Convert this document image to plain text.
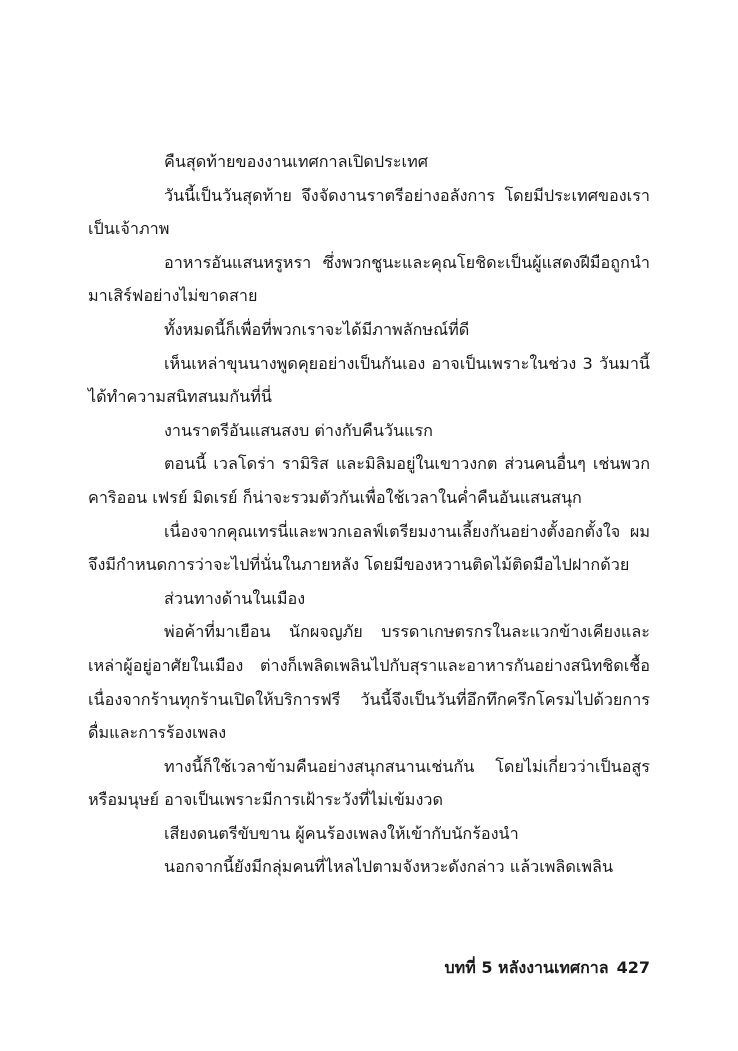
คืนสุดท้ายของงานเทศกาลเปิดประเทศ

วันนี้เป็นวันสุดท้าย จึงจัดงานราตรีอย่างอลังการ โดยมีประเทศของเราเป็นเจ้าภาพ

อาหารอันแสนหรูหรา ซึ่งพวกชูนะและคุณโยชิดะเป็นผู้แสดงฝีมือถูกนำมาเสิร์ฟอย่างไม่ขาดสาย

ทั้งหมดนี้ก็เพื่อที่พวกเราจะได้มีภาพลักษณ์ที่ดี

เห็นเหล่าขุนนางพูดคุยอย่างเป็นกันเอง อาจเป็นเพราะในช่วง 3 วันมานี้ได้ทำความสนิทสนมกันที่นี่

งานราตรีอันแสนสงบ ต่างกับคืนวันแรก

ตอนนี้ เวลโดร่า รามิริส และมิลิมอยู่ในเขาวงกต ส่วนคนอื่นๆ เช่นพวกคาริออน เฟรย์ มิดเรย์ ก็น่าจะรวมตัวกันเพื่อใช้เวลาในค่ำคืนอันแสนสนุก

เนื่องจากคุณเทรนี่และพวกเอลฟ์เตรียมงานเลี้ยงกันอย่างตั้งอกตั้งใจ ผมจึงมีกำหนดการว่าจะไปที่นั่นในภายหลัง โดยมีของหวานติดไม้ติดมือไปฝากด้วย

ส่วนทางด้านในเมือง

พ่อค้าที่มาเยือน นักผจญภัย บรรดาเกษตรกรในละแวกข้างเคียงและเหล่าผู้อยู่อาศัยในเมือง ต่างก็เพลิดเพลินไปกับสุราและอาหารกันอย่างสนิทชิดเชื้อ เนื่องจากร้านทุกร้านเปิดให้บริการฟรี วันนี้จึงเป็นวันที่อึกทึกครึกโครมไปด้วยการดื่มและการร้องเพลง

ทางนี้ก็ใช้เวลาข้ามคืนอย่างสนุกสนานเช่นกัน โดยไม่เกี่ยวว่าเป็นอสูรหรือมนุษย์ อาจเป็นเพราะมีการเฝ้าระวังที่ไม่เข้มงวด

เสียงดนตรีขับขาน ผู้คนร้องเพลงให้เข้ากับนักร้องนำ

นอกจากนี้ยังมีกลุ่มคนที่ไหลไปตามจังหวะดังกล่าว แล้วเพลิดเพลิน

บทที่ 5 หลังงานเทศกาล 427
